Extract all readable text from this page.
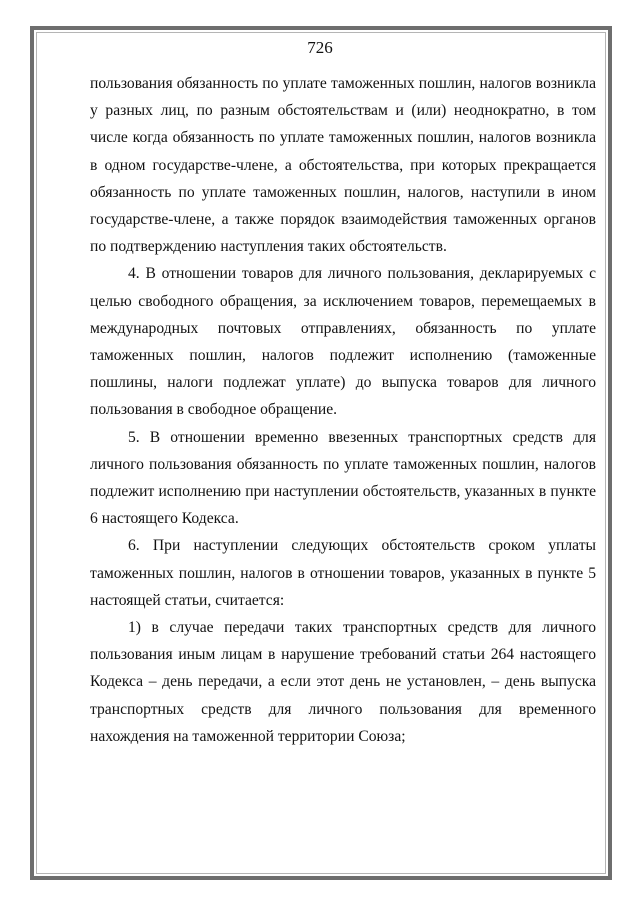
726

пользования обязанность по уплате таможенных пошлин, налогов возникла у разных лиц, по разным обстоятельствам и (или) неоднократно, в том числе когда обязанность по уплате таможенных пошлин, налогов возникла в одном государстве-члене, а обстоятельства, при которых прекращается обязанность по уплате таможенных пошлин, налогов, наступили в ином государстве-члене, а также порядок взаимодействия таможенных органов по подтверждению наступления таких обстоятельств.

4. В отношении товаров для личного пользования, декларируемых с целью свободного обращения, за исключением товаров, перемещаемых в международных почтовых отправлениях, обязанность по уплате таможенных пошлин, налогов подлежит исполнению (таможенные пошлины, налоги подлежат уплате) до выпуска товаров для личного пользования в свободное обращение.

5. В отношении временно ввезенных транспортных средств для личного пользования обязанность по уплате таможенных пошлин, налогов подлежит исполнению при наступлении обстоятельств, указанных в пункте 6 настоящего Кодекса.

6. При наступлении следующих обстоятельств сроком уплаты таможенных пошлин, налогов в отношении товаров, указанных в пункте 5 настоящей статьи, считается:

1) в случае передачи таких транспортных средств для личного пользования иным лицам в нарушение требований статьи 264 настоящего Кодекса – день передачи, а если этот день не установлен, – день выпуска транспортных средств для личного пользования для временного нахождения на таможенной территории Союза;
